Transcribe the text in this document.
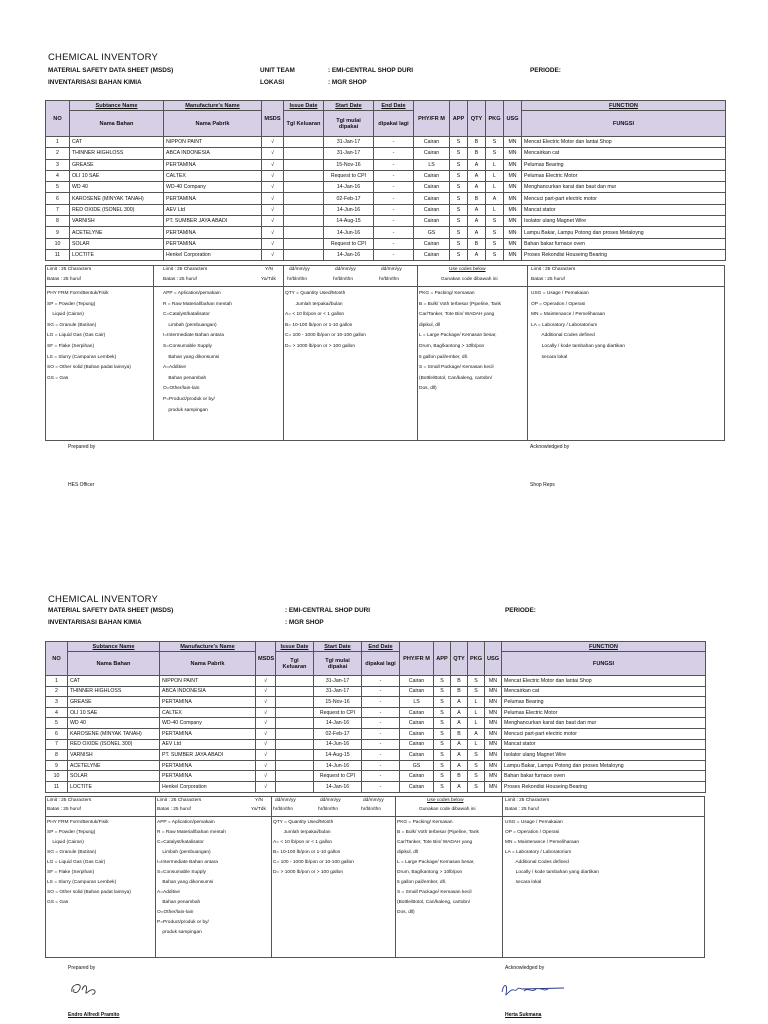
CHEMICAL INVENTORY
MATERIAL SAFETY DATA SHEET (MSDS)
INVENTARISASI BAHAN KIMIA
UNIT TEAM
LOKASI
: EMI-CENTRAL SHOP DURI
: MGR SHOP
PERIODE:
NO	Subtance Name	Manufacture's Name	MSDS	Issue Date	Start Date	End Date	PHY/FR M	APP	QTY	PKG	USG	FUNCTION
	Nama Bahan	Nama Pabrik		Tgl Keluaran	Tgl mulai dipakai	dipakai lagi						FUNGSI
1	CAT	NIPPON PAINT	√		31-Jan-17	-	Cairan	S	B	S	MN	Mencat Electric Motor dan lantai Shop
2	THINNER HIGHLOSS	ABCA INDONESIA	√		31-Jan-17	-	Cairan	S	B	S	MN	Mencairkan cat
3	GREASE	PERTAMINA	√		15-Nov-16	-	LS	S	A	L	MN	Pelumas Bearing
4	OLI 10 SAE	CALTEX	√		Request to CPI	-	Cairan	S	A	L	MN	Pelumas Electric Motor
5	WD 40	WD-40 Company	√		14-Jan-16	-	Cairan	S	A	L	MN	Menghancurkan karat dan baut dan mur
6	KAROSENE (MINYAK TANAH)	PERTAMINA	√		02-Feb-17	-	Cairan	S	B	A	MN	Mencuci part-part electric motor
7	RED OXIDE (ISONEL 300)	AEV Ltd	√		14-Jun-16	-	Cairan	S	A	L	MN	Mancat stator
8	VARNISH	PT. SUMBER JAYA ABADI	√		14-Aug-15	-	Cairan	S	A	S	MN	Isolator ulang Magnet Wire
9	ACETELYNE	PERTAMINA	√		14-Jun-16	-	GS	S	A	S	MN	Lampu Bakar, Lampu Potong dan proses Metaloyng
10	SOLAR	PERTAMINA	√		Request to CPI	-	Cairan	S	B	S	MN	Bahan bakar furnace oven
11	LOCTITE	Henkel Corporation	√		14-Jan-16	-	Cairan	S	A	S	MN	Proses Rekondisi Houseing Bearing
Limit : 25 Characters
Batas : 25 huruf
Limit : 25 Characters
Batas : 25 huruf
Y/N
Ya/Tdk
dd/mm/yy
hr/bln/thn
dd/mm/yy
hr/bln/thn
dd/mm/yy
hr/bln/thn
Use codes below
Gunakan code dibawah ini
Limit : 25 Characters
Batas : 25 huruf
PHY FRM Form/Bentuk/Fisik
SP = Powder (Tepung)
Liquid (Cairan)
SG = Granule (Butiran)
LG = Liquid Gas (Gas Cair)
SF = Flake (Serpihan)
LS = Slurry (Campuran Lembek)
SO = Other solid (Bahan padat lainnya)
GS = Gas
APP = Aplication/pemakain
R = Raw Material/bahan mentah
C=Catalyst/katalisator
Limbah (pembuangan)
I=Intermediate Bahan antara
S=Consumable Supply
Bahan yang dikonsumsi
A=Additive
Bahan penambah
O=Other/lain-lain
P=Product/produk or by/
produk sampingan
QTY = Quantity Used/Month
Jumlah terpakai/bulan
A= < 10 lb/pon or < 1 gallon
B= 10-100 lb/pon or 1-10 gallon
C= 100 - 1000 lb/pon or 10-100 gallon
D= > 1000 lb/pon or > 100 gallon
PKG = Packing/ Kemasan
B = Bulk/ Voth terbesar (Pipeline, Tank
Car/Tanker, Tote Bin/ WADAH yang
dipikul, dll
L = Large Package/ Kemasan besar,
Drum, Bag/kantong > 10lb/pon
5 gallon pail/ember, dll.
S = Small Package/ Kemasan kecil
(Bottle/Botol, Can/kaleng, cartobn/
Dos, dll)
USG = Usage / Pemakaian
OP = Operation / Operasi
MN = Maintenance / Pemeliharaan
LA = Laboratory / Laboratorium
Additional Codes defined
Locally / kode tambahan yang diartikan
secara lokal
Prepared by	Acknowledged by
HES Officer	Shop Reps
CHEMICAL INVENTORY
MATERIAL SAFETY DATA SHEET (MSDS)
INVENTARISASI BAHAN KIMIA
: EMI-CENTRAL SHOP DURI
: MGR SHOP
PERIODE:
NO	Subtance Name	Manufacture's Name	MSDS	Issue Date	Start Date	End Date	PHY/FR M	APP	QTY	PKG	USG	FUNCTION
	Nama Bahan	Nama Pabrik		Tgl Keluaran	Tgl mulai dipakai	dipakai lagi						FUNGSI
1	CAT	NIPPON PAINT	√		31-Jan-17	-	Cairan	S	B	S	MN	Mencat Electric Motor dan lantai Shop
2	THINNER HIGHLOSS	ABCA INDONESIA	√		31-Jan-17	-	Cairan	S	B	S	MN	Mencairkan cat
3	GREASE	PERTAMINA	√		15-Nov-16	-	LS	S	A	L	MN	Pelumas Bearing
4	OLI 10 SAE	CALTEX	√		Request to CPI	-	Cairan	S	A	L	MN	Pelumas Electric Motor
5	WD 40	WD-40 Company	√		14-Jan-16	-	Cairan	S	A	L	MN	Menghancurkan karat dan baut dan mur
6	KAROSENE (MINYAK TANAH)	PERTAMINA	√		02-Feb-17	-	Cairan	S	B	A	MN	Mencuci part-part electric motor
7	RED OXIDE (ISONEL 300)	AEV Ltd	√		14-Jun-16	-	Cairan	S	A	L	MN	Mancat stator
8	VARNISH	PT. SUMBER JAYA ABADI	√		14-Aug-15	-	Cairan	S	A	S	MN	Isolator ulang Magnet Wire
9	ACETELYNE	PERTAMINA	√		14-Jun-16	-	GS	S	A	S	MN	Lampu Bakar, Lampu Potong dan proses Metaloyng
10	SOLAR	PERTAMINA	√		Request to CPI	-	Cairan	S	B	S	MN	Bahan bakar furnace oven
11	LOCTITE	Henkel Corporation	√		14-Jan-16	-	Cairan	S	A	S	MN	Proses Rekondisi Houseing Bearing
Limit : 25 Characters
Batas : 25 huruf
Limit : 25 Characters
Batas : 25 huruf
Y/N
Ya/Tdk
dd/mm/yy
hr/bln/thn
dd/mm/yy
hr/bln/thn
dd/mm/yy
hr/bln/thn
Use codes below
Gunakan code dibawah ini
Limit : 25 Characters
Batas : 25 huruf
PHY FRM Form/Bentuk/Fisik
SP = Powder (Tepung)
Liquid (Cairan)
SG = Granule (Butiran)
LG = Liquid Gas (Gas Cair)
SF = Flake (Serpihan)
LS = Slurry (Campuran Lembek)
SO = Other solid (Bahan padat lainnya)
GS = Gas
APP = Aplication/pemakain
R = Raw Material/bahan mentah
C=Catalyst/katalisator
Limbah (pembuangan)
I=Intermediate Bahan antara
S=Consumable Supply
Bahan yang dikonsumsi
A=Additive
Bahan penambah
O=Other/lain-lain
P=Product/produk or by/
produk sampingan
QTY = Quantity Used/Month
Jumlah terpakai/bulan
A= < 10 lb/pon or < 1 gallon
B= 10-100 lb/pon or 1-10 gallon
C= 100 - 1000 lb/pon or 10-100 gallon
D= > 1000 lb/pon or > 100 gallon
PKG = Packing/ Kemasan
B = Bulk/ Voth terbesar (Pipeline, Tank
Car/Tanker, Tote Bin/ WADAH yang
dipikul, dll
L = Large Package/ Kemasan besar,
Drum, Bag/kantong > 10lb/pon
5 gallon pail/ember, dll.
S = Small Package/ Kemasan kecil
(Bottle/Botol, Can/kaleng, cartobn/
Dos, dll)
USG = Usage / Pemakaian
OP = Operation / Operasi
MN = Maintenance / Pemeliharaan
LA = Laboratory / Laboratorium
Additional Codes defined
Locally / kode tambahan yang diartikan
secara lokal
Prepared by	Acknowledged by
Endro Alfredi Pramito	Herta Sukmana
